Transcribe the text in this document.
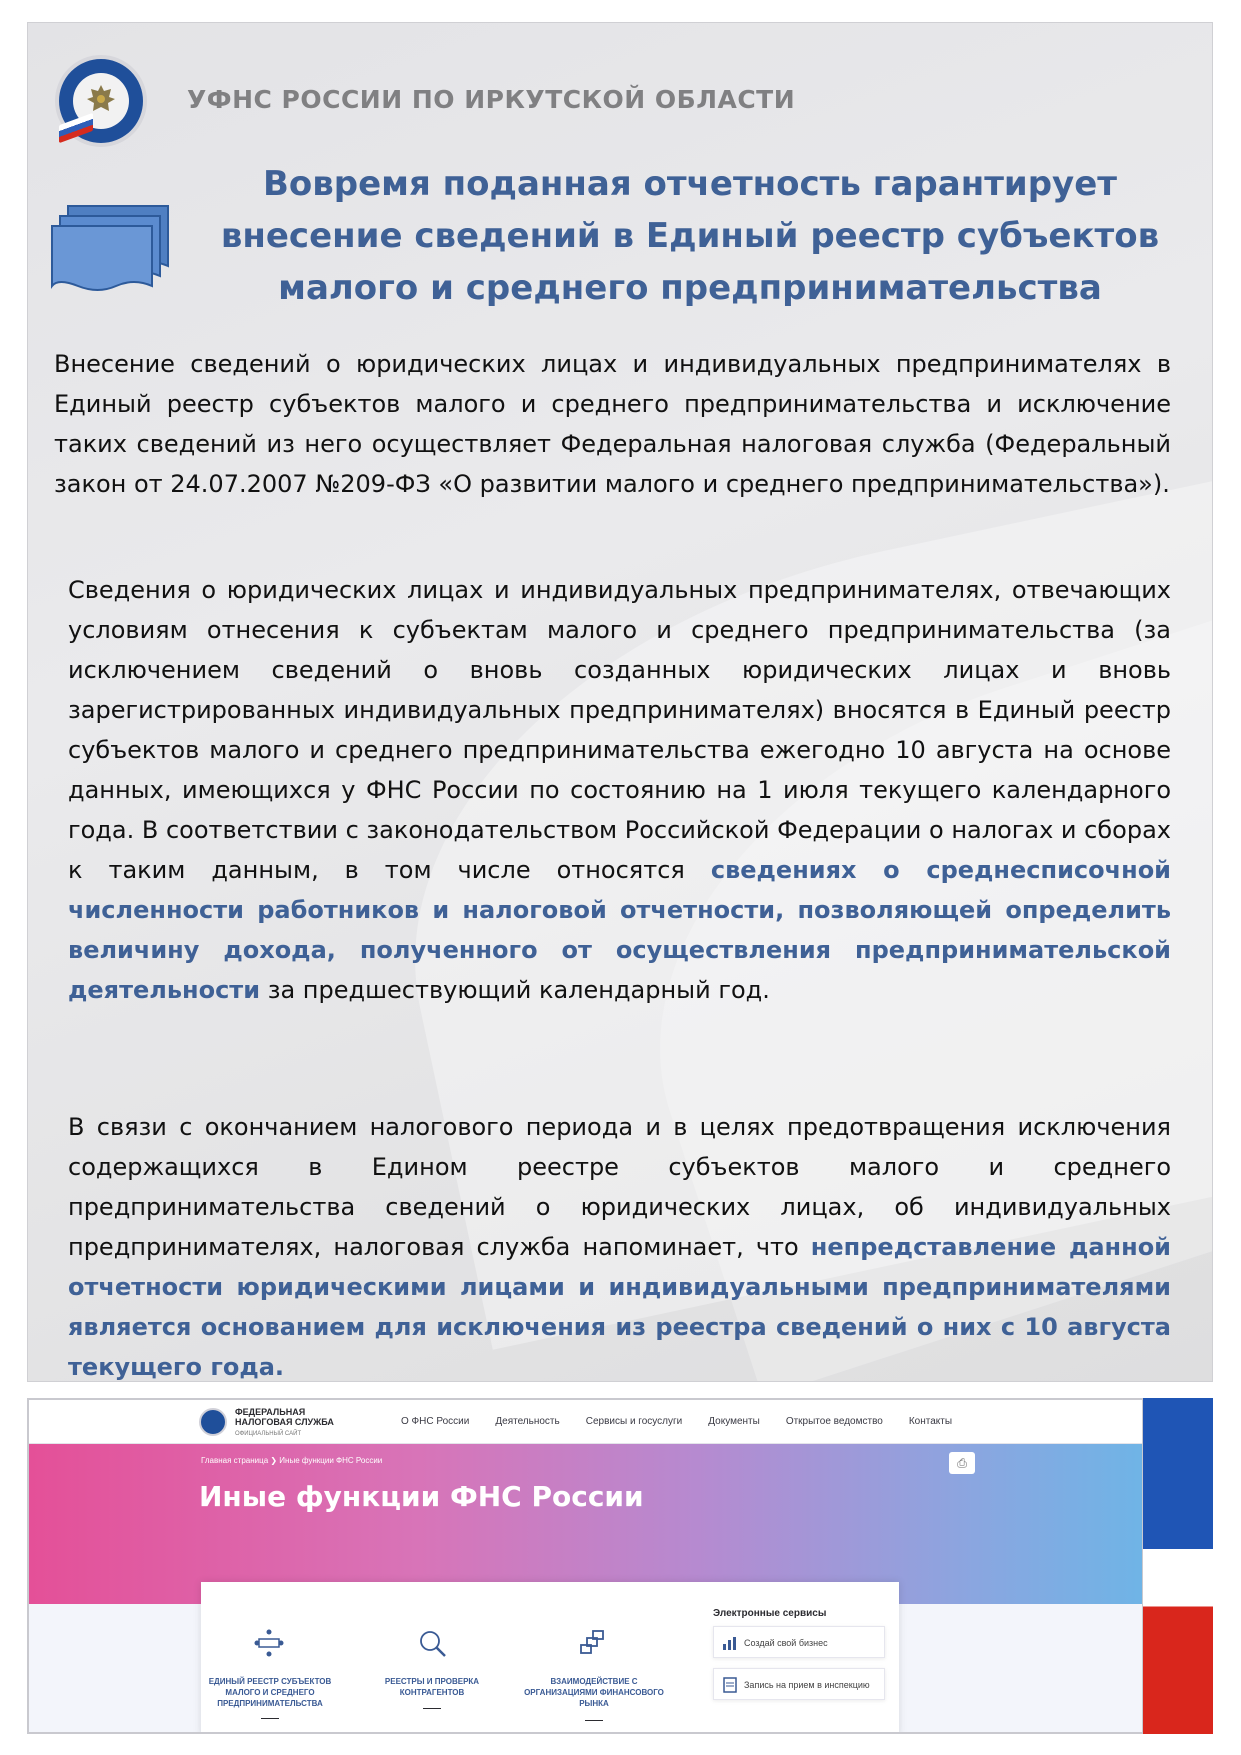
УФНС РОССИИ ПО ИРКУТСКОЙ ОБЛАСТИ
Вовремя поданная отчетность гарантирует
внесение сведений в Единый реестр субъектов
малого и среднего предпринимательства

Внесение сведений о юридических лицах и индивидуальных предпринимателях в Единый реестр субъектов малого и среднего предпринимательства и исключение таких сведений из него осуществляет Федеральная налоговая служба (Федеральный закон от 24.07.2007 №209-ФЗ «О развитии малого и среднего предпринимательства»).

Сведения о юридических лицах и индивидуальных предпринимателях, отвечающих условиям отнесения к субъектам малого и среднего предпринимательства (за исключением сведений о вновь созданных юридических лицах и вновь зарегистрированных индивидуальных предпринимателях) вносятся в Единый реестр субъектов малого и среднего предпринимательства ежегодно 10 августа на основе данных, имеющихся у ФНС России по состоянию на 1 июля текущего календарного года. В соответствии с законодательством Российской Федерации о налогах и сборах к таким данным, в том числе относятся сведениях о среднесписочной численности работников и налоговой отчетности, позволяющей определить величину дохода, полученного от осуществления предпринимательской деятельности за предшествующий календарный год.

В связи с окончанием налогового периода и в целях предотвращения исключения содержащихся в Едином реестре субъектов малого и среднего предпринимательства сведений о юридических лицах, об индивидуальных предпринимателях, налоговая служба напоминает, что непредставление данной отчетности юридическими лицами и индивидуальными предпринимателями является основанием для исключения из реестра сведений о них с 10 августа текущего года.

ФЕДЕРАЛЬНАЯ НАЛОГОВАЯ СЛУЖБА
ОФИЦИАЛЬНЫЙ САЙТ
О ФНС России	Деятельность	Сервисы и госуслуги	Документы	Открытое ведомство	Контакты
Главная страница ❯ Иные функции ФНС России	⎙
Иные функции ФНС России
ЕДИНЫЙ РЕЕСТР СУБЪЕКТОВ МАЛОГО И СРЕДНЕГО ПРЕДПРИНИМАТЕЛЬСТВА
РЕЕСТРЫ И ПРОВЕРКА КОНТРАГЕНТОВ
ВЗАИМОДЕЙСТВИЕ С ОРГАНИЗАЦИЯМИ ФИНАНСОВОГО РЫНКА
Электронные сервисы
Создай свой бизнес
Запись на прием в инспекцию
